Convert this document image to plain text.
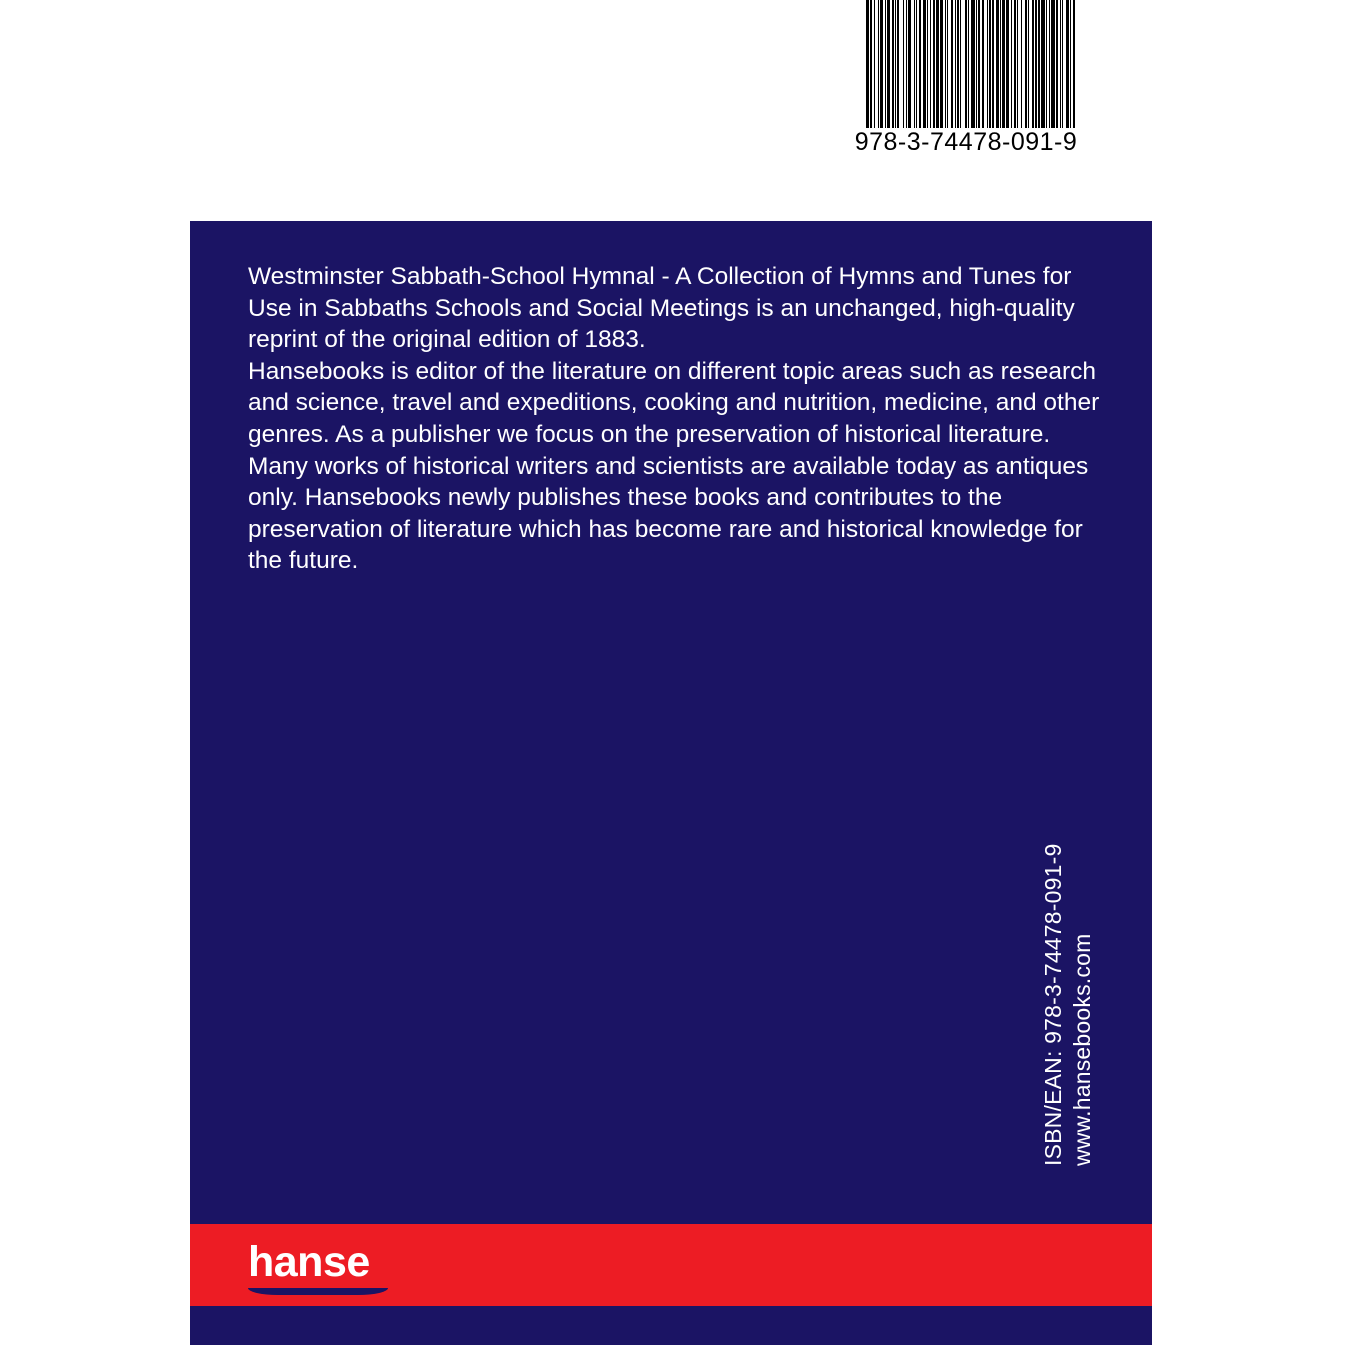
978-3-74478-091-9

Westminster Sabbath-School Hymnal - A Collection of Hymns and Tunes for Use in Sabbaths Schools and Social Meetings is an unchanged, high-quality reprint of the original edition of 1883.

Hansebooks is editor of the literature on different topic areas such as research and science, travel and expeditions, cooking and nutrition, medicine, and other genres. As a publisher we focus on the preservation of historical literature. Many works of historical writers and scientists are available today as antiques only. Hansebooks newly publishes these books and contributes to the preservation of literature which has become rare and historical knowledge for the future.

ISBN/EAN: 978-3-74478-091-9 www.hansebooks.com
hanse
